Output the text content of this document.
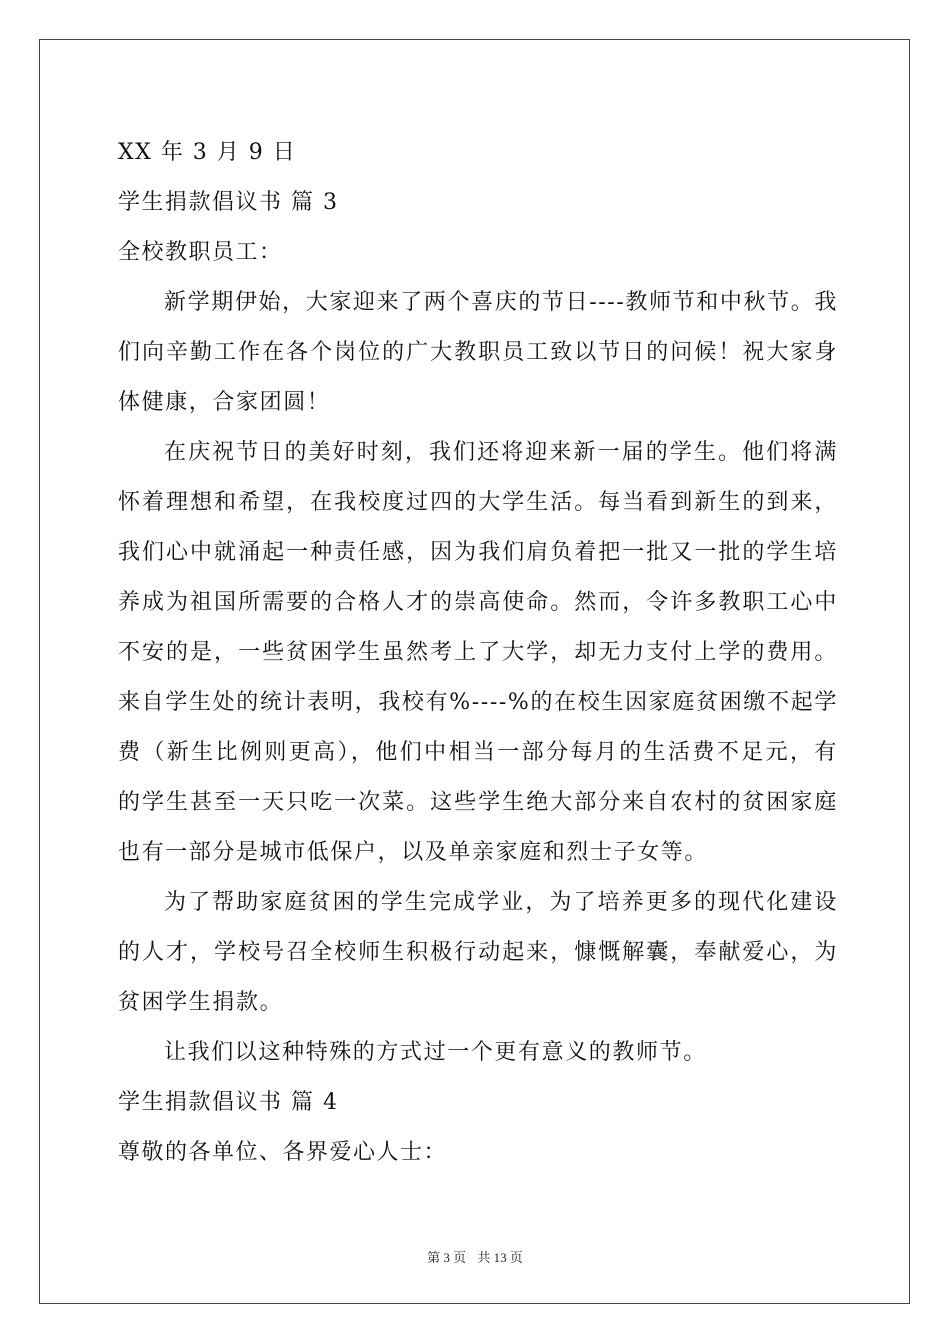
XX 年 3 月 9 日
学生捐款倡议书 篇 3
全校教职员工：

新学期伊始，大家迎来了两个喜庆的节日----教师节和中秋节。我们向辛勤工作在各个岗位的广大教职员工致以节日的问候！祝大家身体健康，合家团圆！

在庆祝节日的美好时刻，我们还将迎来新一届的学生。他们将满怀着理想和希望，在我校度过四的大学生活。每当看到新生的到来，我们心中就涌起一种责任感，因为我们肩负着把一批又一批的学生培养成为祖国所需要的合格人才的崇高使命。然而，令许多教职工心中不安的是，一些贫困学生虽然考上了大学，却无力支付上学的费用。来自学生处的统计表明，我校有%----%的在校生因家庭贫困缴不起学费（新生比例则更高），他们中相当一部分每月的生活费不足元，有的学生甚至一天只吃一次菜。这些学生绝大部分来自农村的贫困家庭也有一部分是城市低保户，以及单亲家庭和烈士子女等。

为了帮助家庭贫困的学生完成学业，为了培养更多的现代化建设的人才，学校号召全校师生积极行动起来，慷慨解囊，奉献爱心，为贫困学生捐款。

让我们以这种特殊的方式过一个更有意义的教师节。

学生捐款倡议书 篇 4
尊敬的各单位、各界爱心人士：
第 3 页 共 13 页
